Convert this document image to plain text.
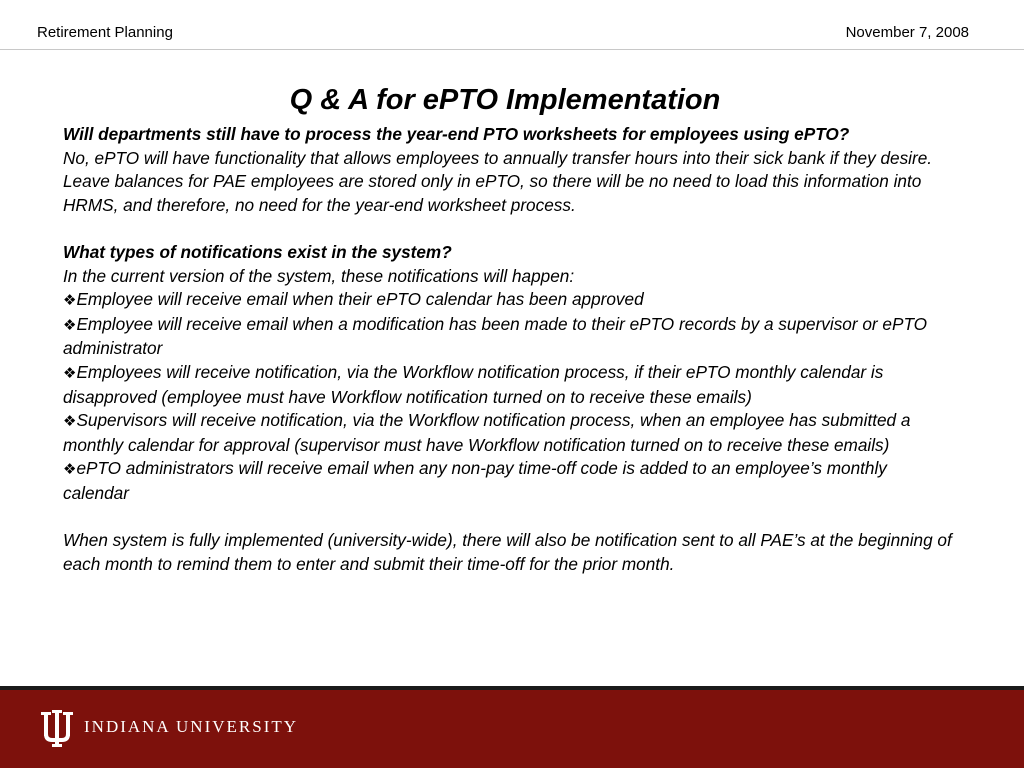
Retirement Planning	November 7, 2008
Q & A for ePTO Implementation

Will departments still have to process the year-end PTO worksheets for employees using ePTO?

No, ePTO will have functionality that allows employees to annually transfer hours into their sick bank if they desire. Leave balances for PAE employees are stored only in ePTO, so there will be no need to load this information into HRMS, and therefore, no need for the year-end worksheet process.

What types of notifications exist in the system?

In the current version of the system, these notifications will happen:

❖Employee will receive email when their ePTO calendar has been approved

❖Employee will receive email when a modification has been made to their ePTO records by a supervisor or ePTO administrator

❖Employees will receive notification, via the Workflow notification process, if their ePTO monthly calendar is disapproved (employee must have Workflow notification turned on to receive these emails)

❖Supervisors will receive notification, via the Workflow notification process, when an employee has submitted a monthly calendar for approval (supervisor must have Workflow notification turned on to receive these emails)

❖ePTO administrators will receive email when any non-pay time-off code is added to an employee’s monthly calendar

When system is fully implemented (university-wide), there will also be notification sent to all PAE’s at the beginning of each month to remind them to enter and submit their time-off for the prior month.

INDIANA UNIVERSITY
